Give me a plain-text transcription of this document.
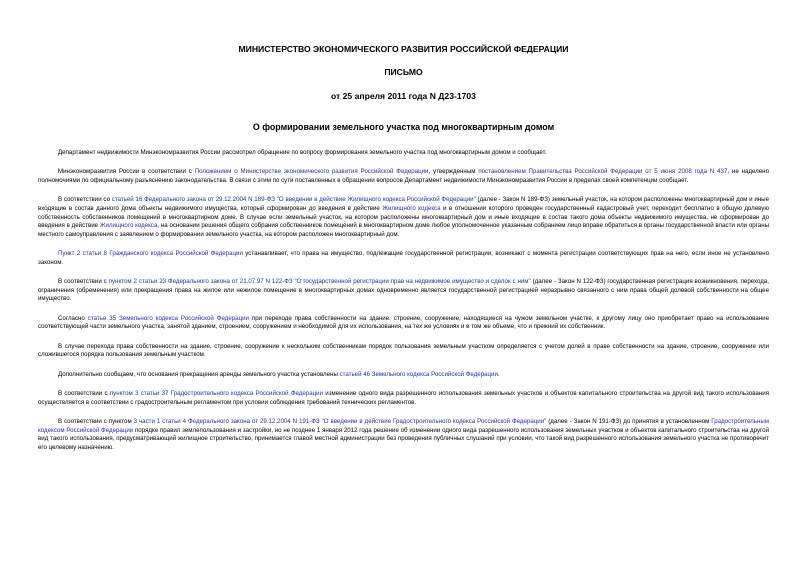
МИНИСТЕРСТВО ЭКОНОМИЧЕСКОГО РАЗВИТИЯ РОССИЙСКОЙ ФЕДЕРАЦИИ
ПИСЬМО
от 25 апреля 2011 года N Д23-1703
О формировании земельного участка под многоквартирным домом

Департамент недвижимости Минэкономразвития России рассмотрел обращение по вопросу формирования земельного участка под многоквартирным домом и сообщает.

Минэкономразвития России в соответствии с Положением о Министерстве экономического развития Российской Федерации, утвержденным постановлением Правительства Российской Федерации от 5 июня 2008 года N 437, не наделено полномочиями по официальному разъяснению законодательства. В связи с этим по сути поставленных в обращении вопросов Департамент недвижимости Минэкономразвития России в пределах своей компетенции сообщает.

В соответствии со статьей 16 Федерального закона от 29.12.2004 N 189-ФЗ "О введении в действие Жилищного кодекса Российской Федерации" (далее - Закон N 189-ФЗ) земельный участок, на котором расположены многоквартирный дом и иные входящие в состав данного дома объекты недвижимого имущества, который сформирован до введения в действие Жилищного кодекса и в отношении которого проведен государственный кадастровый учет, переходит бесплатно в общую долевую собственность собственников помещений в многоквартирном доме. В случае если земельный участок, на котором расположены многоквартирный дом и иные входящие в состав такого дома объекты недвижимого имущества, не сформирован до введения в действие Жилищного кодекса, на основании решения общего собрания собственников помещений в многоквартирном доме любое уполномоченное указанным собранием лицо вправе обратиться в органы государственной власти или органы местного самоуправления с заявлением о формировании земельного участка, на котором расположен многоквартирный дом.

Пункт 2 статьи 8 Гражданского кодекса Российской Федерации устанавливает, что права на имущество, подлежащие государственной регистрации, возникают с момента регистрации соответствующих прав на него, если иное не установлено законом.

В соответствии с пунктом 2 статьи 23 Федерального закона от 21.07.97 N 122-ФЗ "О государственной регистрации прав на недвижимое имущество и сделок с ним" (далее - Закон N 122-ФЗ) государственная регистрация возникновения, перехода, ограничения (обременения) или прекращения права на жилое или нежилое помещение в многоквартирных домах одновременно является государственной регистрацией неразрывно связанного с ним права общей долевой собственности на общее имущество.

Согласно статье 35 Земельного кодекса Российской Федерации при переходе права собственности на здание, строение, сооружение, находящиеся на чужом земельном участке, к другому лицу оно приобретает право на использование соответствующей части земельного участка, занятой зданием, строением, сооружением и необходимой для их использования, на тех же условиях и в том же объеме, что и прежний их собственник.

В случае перехода права собственности на здание, строение, сооружение к нескольким собственникам порядок пользования земельным участком определяется с учетом долей в праве собственности на здание, строение, сооружение или сложившегося порядка пользования земельным участком.

Дополнительно сообщаем, что основания прекращения аренды земельного участка установлены статьей 46 Земельного кодекса Российской Федерации.

В соответствии с пунктом 3 статьи 37 Градостроительного кодекса Российской Федерации изменение одного вида разрешенного использования земельных участков и объектов капитального строительства на другой вид такого использования осуществляется в соответствии с градостроительным регламентом при условии соблюдения требований технических регламентов.

В соответствии с пунктом 3 части 1 статьи 4 Федерального закона от 29.12.2004 N 191-ФЗ "О введении в действие Градостроительного кодекса Российской Федерации" (далее - Закон N 191-ФЗ) до принятия в установленном Градостроительным кодексом Российской Федерации порядке правил землепользования и застройки, но не позднее 1 января 2012 года решение об изменении одного вида разрешенного использования земельных участков и объектов капитального строительства на другой вид такого использования, предусматривающий жилищное строительство, принимается главой местной администрации без проведения публичных слушаний при условии, что такой вид разрешенного использования земельного участка не противоречит его целевому назначению.
